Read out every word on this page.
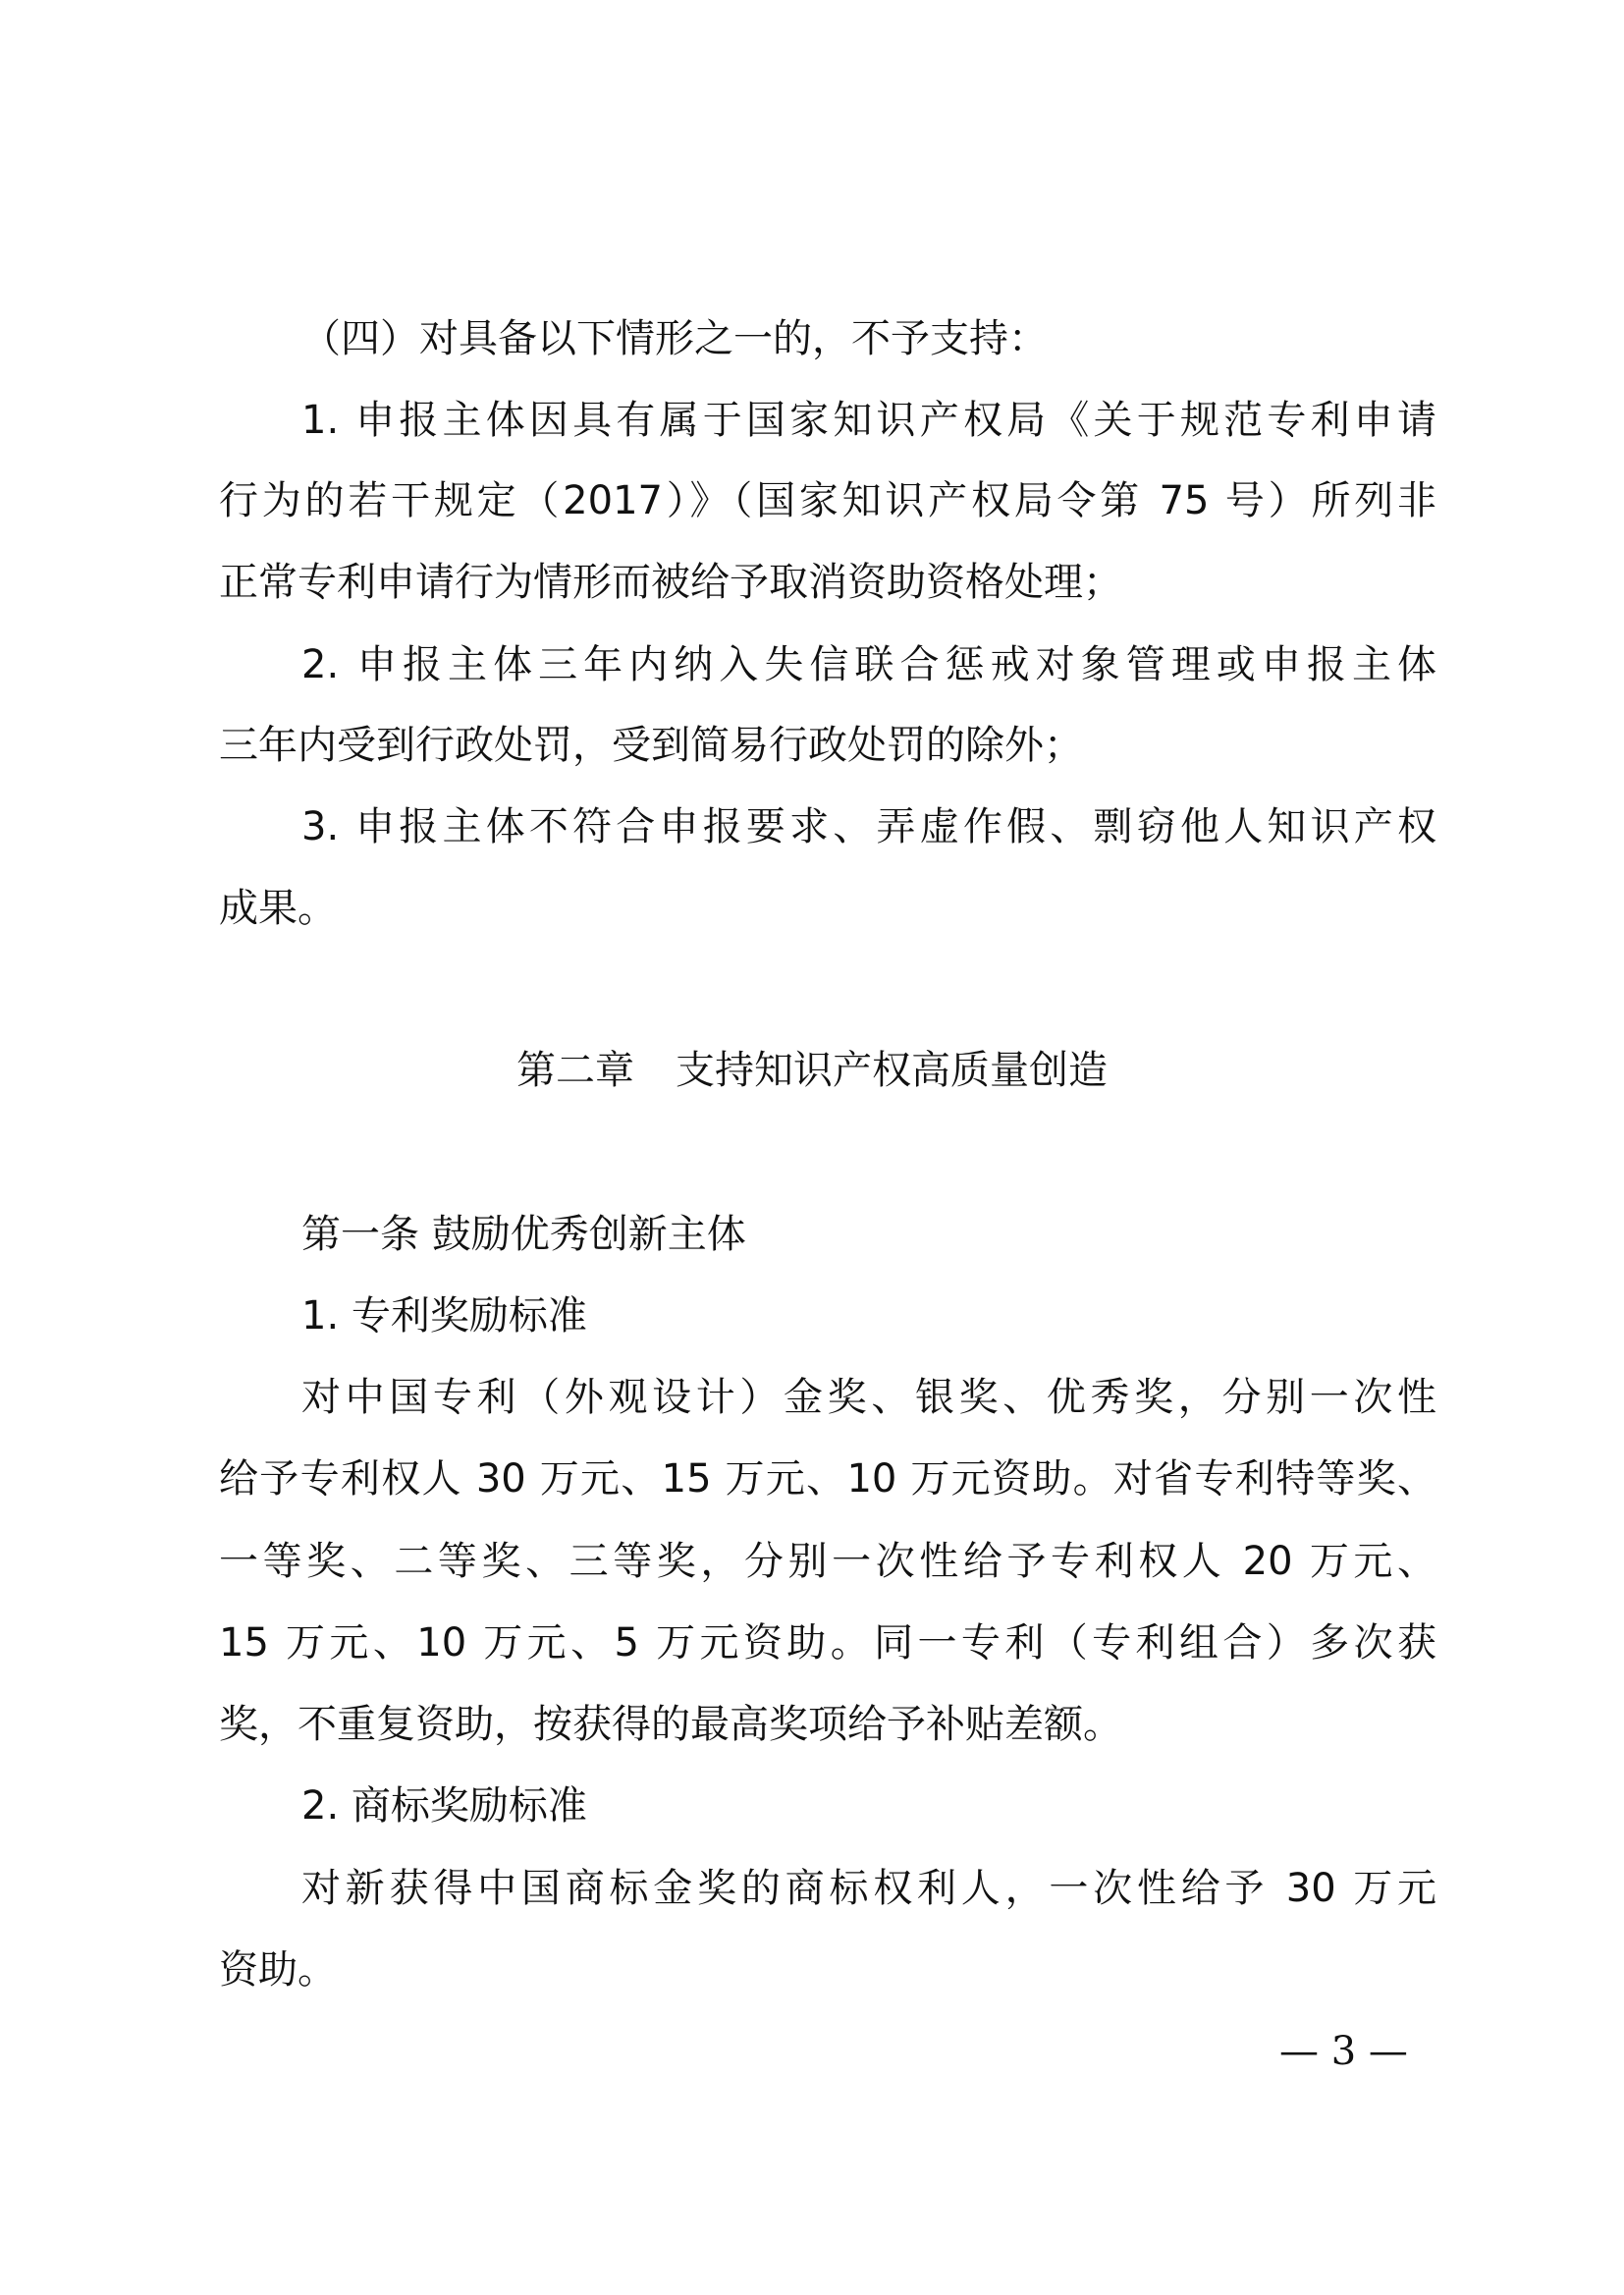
（四）对具备以下情形之一的，不予支持：

1. 申报主体因具有属于国家知识产权局《关于规范专利申请

行为的若干规定（2017）》（国家知识产权局令第 75 号）所列非

正常专利申请行为情形而被给予取消资助资格处理；

2. 申报主体三年内纳入失信联合惩戒对象管理或申报主体

三年内受到行政处罚，受到简易行政处罚的除外；

3. 申报主体不符合申报要求、弄虚作假、剽窃他人知识产权

成果。

第二章 支持知识产权高质量创造

第一条 鼓励优秀创新主体

1. 专利奖励标准

对中国专利（外观设计）金奖、银奖、优秀奖，分别一次性

给予专利权人 30 万元、15 万元、10 万元资助。对省专利特等奖、

一等奖、二等奖、三等奖，分别一次性给予专利权人 20 万元、

15 万元、10 万元、5 万元资助。同一专利（专利组合）多次获

奖，不重复资助，按获得的最高奖项给予补贴差额。

2. 商标奖励标准

对新获得中国商标金奖的商标权利人，一次性给予 30 万元

资助。

— 3 —
